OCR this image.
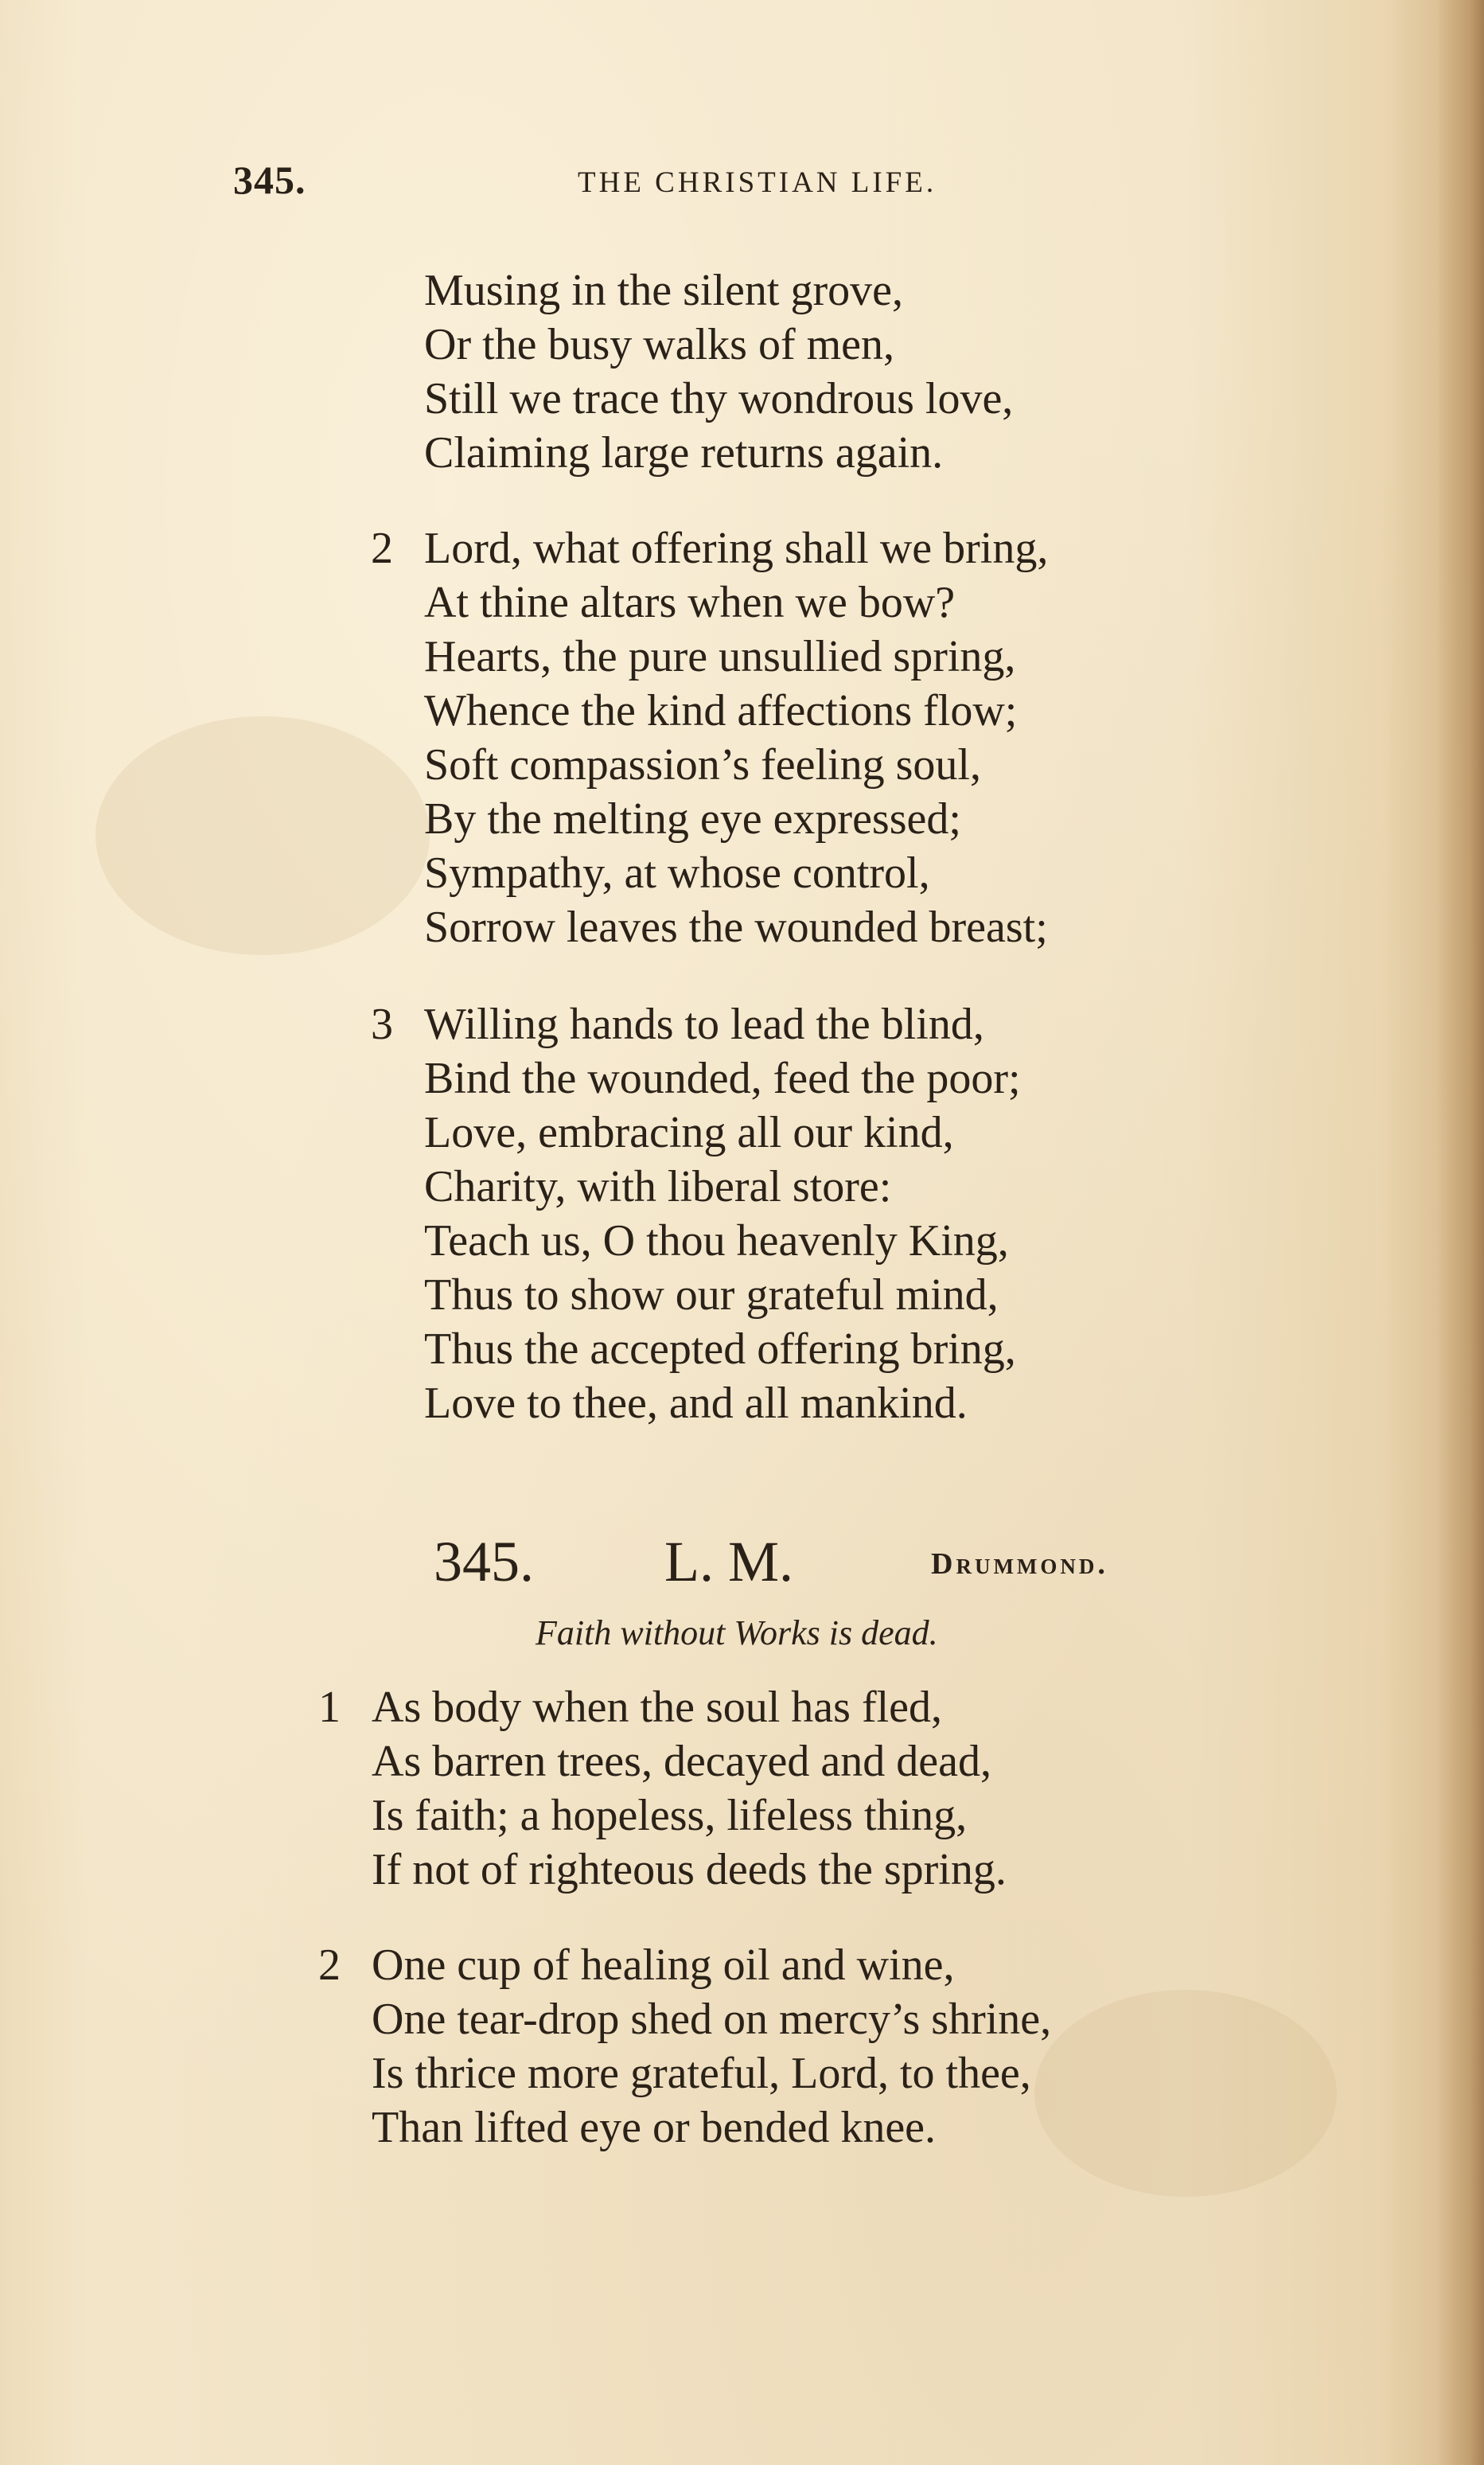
345.	THE CHRISTIAN LIFE.
Musing in the silent grove,
Or the busy walks of men,
Still we trace thy wondrous love,
Claiming large returns again.
2 Lord, what offering shall we bring,
At thine altars when we bow?
Hearts, the pure unsullied spring,
Whence the kind affections flow;
Soft compassion’s feeling soul,
By the melting eye expressed;
Sympathy, at whose control,
Sorrow leaves the wounded breast;
3 Willing hands to lead the blind,
Bind the wounded, feed the poor;
Love, embracing all our kind,
Charity, with liberal store:
Teach us, O thou heavenly King,
Thus to show our grateful mind,
Thus the accepted offering bring,
Love to thee, and all mankind.
345. L. M.	Drummond.
Faith without Works is dead.
1 As body when the soul has fled,
As barren trees, decayed and dead,
Is faith; a hopeless, lifeless thing,
If not of righteous deeds the spring.
2 One cup of healing oil and wine,
One tear-drop shed on mercy’s shrine,
Is thrice more grateful, Lord, to thee,
Than lifted eye or bended knee.
